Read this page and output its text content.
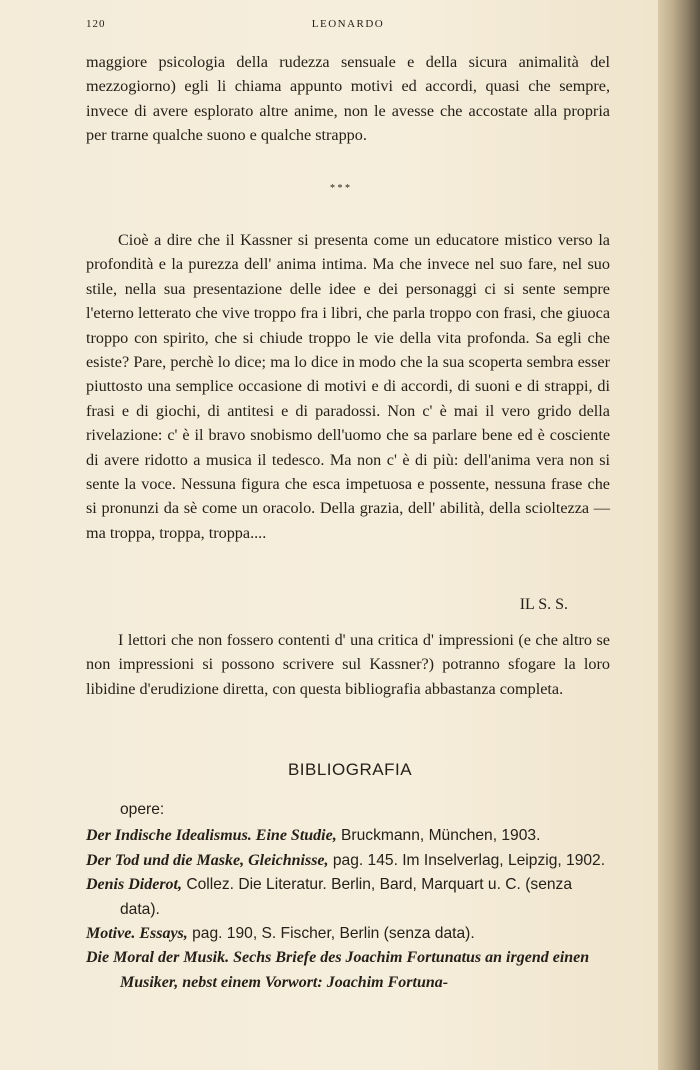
120	LEONARDO

maggiore psicologia della rudezza sensuale e della sicura animalità del mezzogiorno) egli li chiama appunto motivi ed accordi, quasi che sempre, invece di avere esplorato altre anime, non le avesse che accostate alla propria per trarne qualche suono e qualche strappo.

* * *

Cioè a dire che il Kassner si presenta come un educatore mistico verso la profondità e la purezza dell' anima intima. Ma che invece nel suo fare, nel suo stile, nella sua presentazione delle idee e dei personaggi ci si sente sempre l'eterno letterato che vive troppo fra i libri, che parla troppo con frasi, che giuoca troppo con spirito, che si chiude troppo le vie della vita profonda. Sa egli che esiste? Pare, perchè lo dice; ma lo dice in modo che la sua scoperta sembra esser piuttosto una semplice occasione di motivi e di accordi, di suoni e di strappi, di frasi e di giochi, di antitesi e di paradossi. Non c' è mai il vero grido della rivelazione: c' è il bravo snobismo dell'uomo che sa parlare bene ed è cosciente di avere ridotto a musica il tedesco. Ma non c' è di più: dell'anima vera non si sente la voce. Nessuna figura che esca impetuosa e possente, nessuna frase che si pronunzi da sè come un oracolo. Della grazia, dell' abilità, della scioltezza — ma troppa, troppa, troppa....

IL S. S.

I lettori che non fossero contenti d' una critica d' impressioni (e che altro se non impressioni si possono scrivere sul Kassner?) potranno sfogare la loro libidine d'erudizione diretta, con questa bibliografia abbastanza completa.

BIBLIOGRAFIA
opere:

Der Indische Idealismus. Eine Studie, Bruckmann, München, 1903.

Der Tod und die Maske, Gleichnisse, pag. 145. Im Inselverlag, Leipzig, 1902.

Denis Diderot, Collez. Die Literatur. Berlin, Bard, Marquart u. C. (senza data).

Motive. Essays, pag. 190, S. Fischer, Berlin (senza data).

Die Moral der Musik. Sechs Briefe des Joachim Fortunatus an irgend einen Musiker, nebst einem Vorwort: Joachim Fortuna-
